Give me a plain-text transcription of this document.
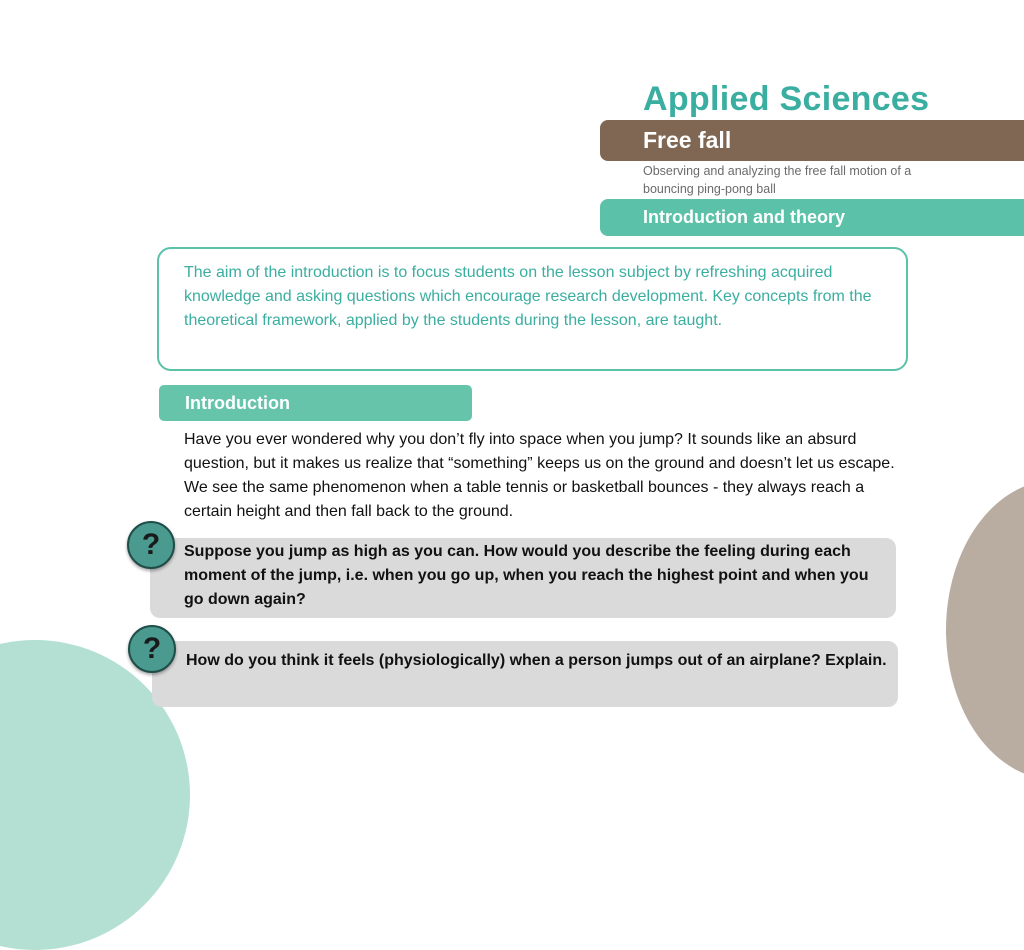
Applied Sciences
Free fall
Observing and analyzing the free fall motion of a bouncing ping-pong ball
Introduction and theory
The aim of the introduction is to focus students on the lesson subject by refreshing acquired knowledge and asking questions which encourage research development. Key concepts from the theoretical framework, applied by the students during the lesson, are taught.
Introduction
Have you ever wondered why you don’t fly into space when you jump? It sounds like an absurd question, but it makes us realize that “something” keeps us on the ground and doesn’t let us escape. We see the same phenomenon when a table tennis or basketball bounces - they always reach a certain height and then fall back to the ground.
Suppose you jump as high as you can. How would you describe the feeling during each moment of the jump, i.e. when you go up, when you reach the highest point and when you go down again?
?
How do you think it feels (physiologically) when a person jumps out of an airplane? Explain.
?
